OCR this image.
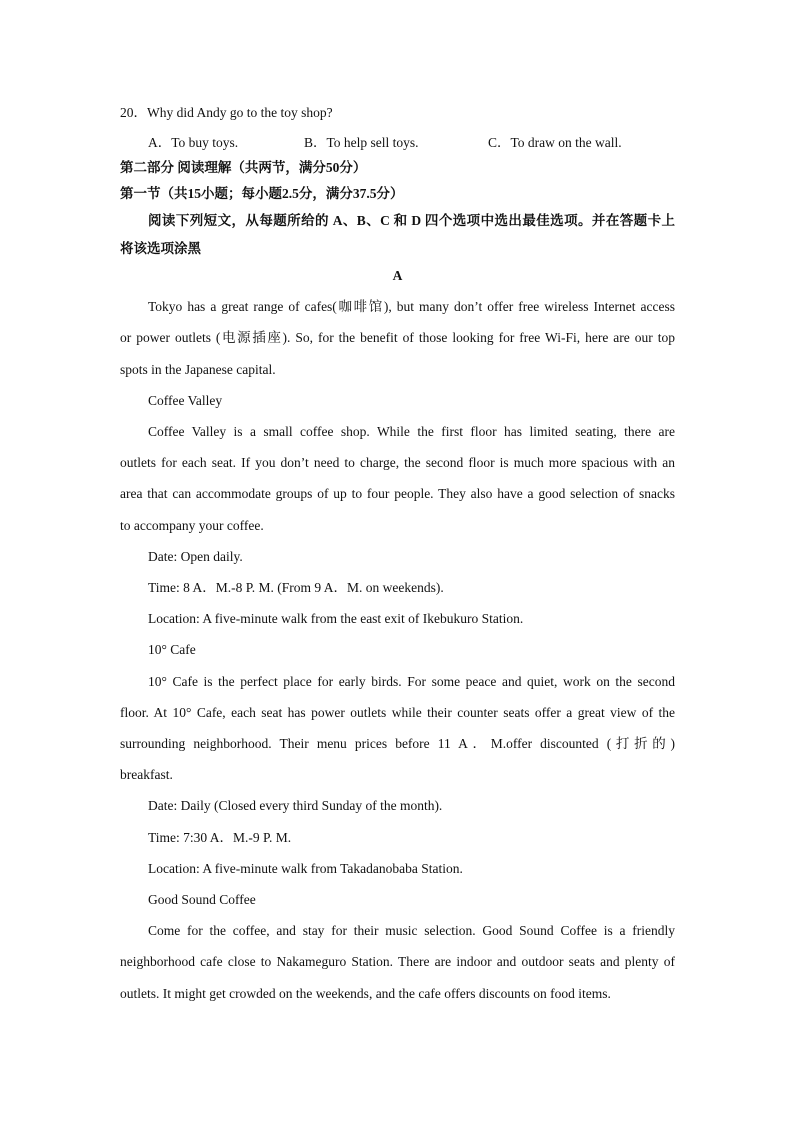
20．Why did Andy go to the toy shop?
A．To buy toys.	B．To help sell toys.	C．To draw on the wall.
第二部分 阅读理解（共两节，满分50分）
第一节（共15小题；每小题2.5分，满分37.5分）
阅读下列短文，从每题所给的 A、B、C 和 D 四个选项中选出最佳选项。并在答题卡上
将该选项涂黑
A
Tokyo has a great range of cafes(咖啡馆), but many don’t offer free wireless Internet access
or power outlets (电源插座). So, for the benefit of those looking for free Wi-Fi, here are our top
spots in the Japanese capital.
Coffee Valley
Coffee Valley is a small coffee shop. While the first floor has limited seating, there are
outlets for each seat. If you don’t need to charge, the second floor is much more spacious with an
area that can accommodate groups of up to four people. They also have a good selection of snacks
to accompany your coffee.
Date: Open daily.
Time: 8 A．M.-8 P. M. (From 9 A．M. on weekends).
Location: A five-minute walk from the east exit of Ikebukuro Station.
10° Cafe
10° Cafe is the perfect place for early birds. For some peace and quiet, work on the second
floor. At 10° Cafe, each seat has power outlets while their counter seats offer a great view of the
surrounding neighborhood. Their menu prices before 11 A．M.offer discounted (打折的)
breakfast.
Date: Daily (Closed every third Sunday of the month).
Time: 7:30 A．M.-9 P. M.
Location: A five-minute walk from Takadanobaba Station.
Good Sound Coffee
Come for the coffee, and stay for their music selection. Good Sound Coffee is a friendly
neighborhood cafe close to Nakameguro Station. There are indoor and outdoor seats and plenty of
outlets. It might get crowded on the weekends, and the cafe offers discounts on food items.
